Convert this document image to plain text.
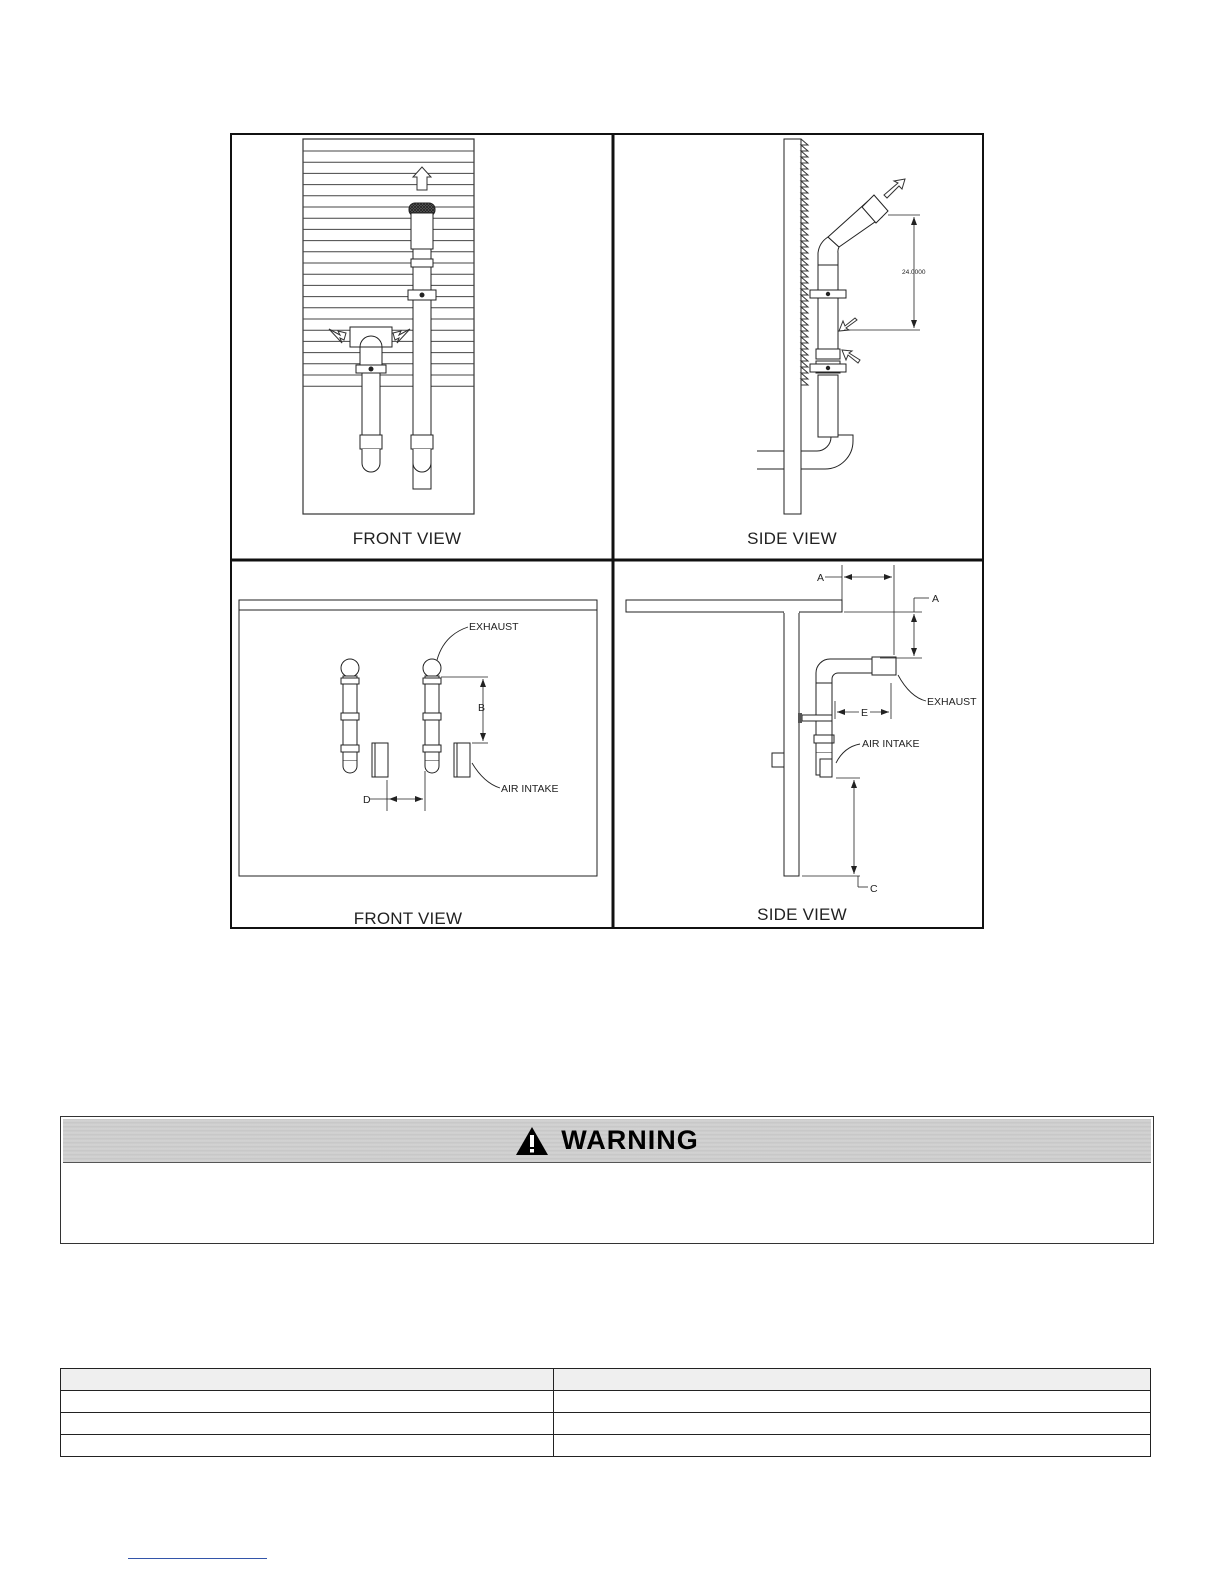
FRONT VIEW
24.0000
SIDE VIEW
EXHAUST
AIR INTAKE
B
D
FRONT VIEW
A
A
EXHAUST
E
AIR INTAKE
C
SIDE VIEW
WARNING
